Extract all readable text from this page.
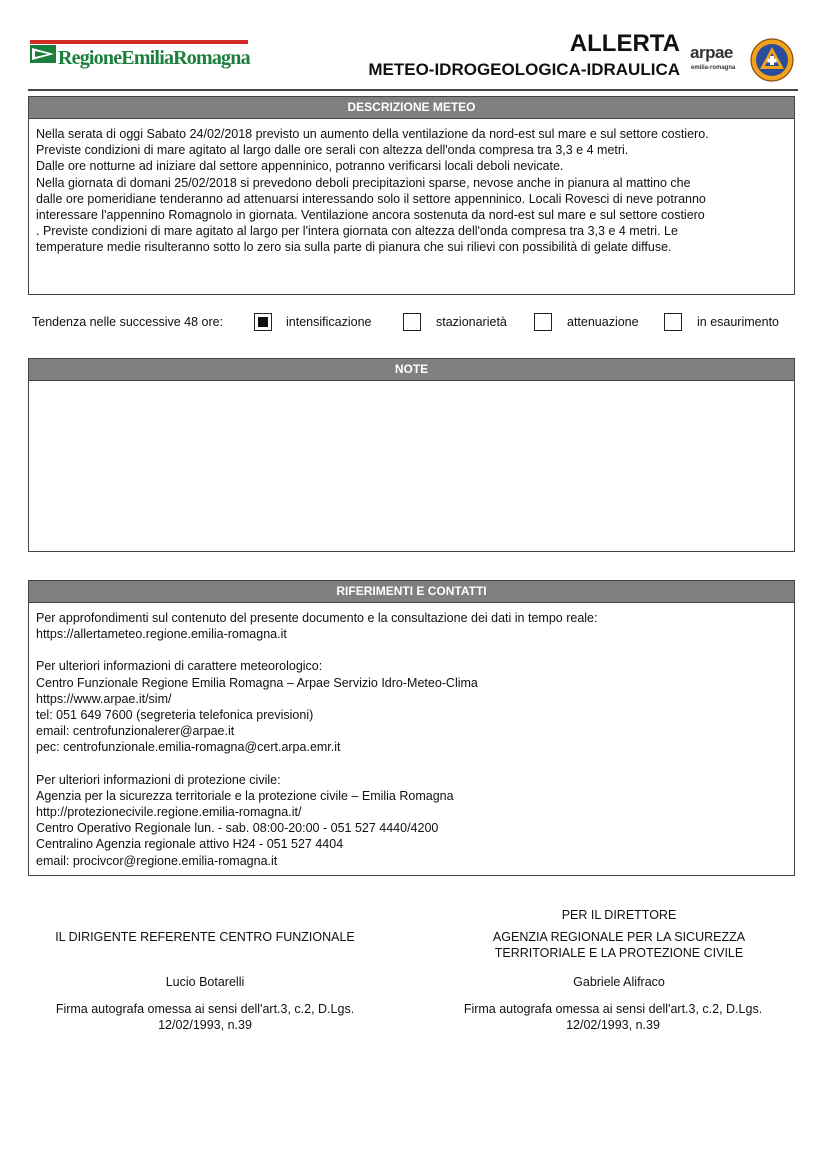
RegioneEmiliaRomagna
ALLERTA
METEO-IDROGEOLOGICA-IDRAULICA
arpae
emilia-romagna
DESCRIZIONE METEO
Nella serata di oggi Sabato 24/02/2018 previsto un aumento della ventilazione da nord-est sul mare e sul settore costiero.
Previste condizioni di mare agitato al largo dalle ore serali con altezza dell'onda compresa tra 3,3 e 4 metri.
Dalle ore notturne ad iniziare dal settore appenninico, potranno verificarsi locali deboli nevicate.
Nella giornata di domani 25/02/2018 si prevedono deboli precipitazioni sparse, nevose anche in pianura al mattino che
dalle ore pomeridiane tenderanno ad attenuarsi interessando solo il settore appenninico. Locali Rovesci di neve potranno
interessare l'appennino Romagnolo in giornata. Ventilazione ancora sostenuta da nord-est sul mare e sul settore costiero
. Previste condizioni di mare agitato al largo per l'intera giornata con altezza dell'onda compresa tra 3,3 e 4 metri. Le
temperature medie risulteranno sotto lo zero sia sulla parte di pianura che sui rilievi con possibilità di gelate diffuse.
Tendenza nelle successive 48 ore:	intensificazione	stazionarietà	attenuazione	in esaurimento
NOTE
RIFERIMENTI E CONTATTI

Per approfondimenti sul contenuto del presente documento e la consultazione dei dati in tempo reale:

https://allertameteo.regione.emilia-romagna.it

Per ulteriori informazioni di carattere meteorologico:

Centro Funzionale Regione Emilia Romagna – Arpae Servizio Idro-Meteo-Clima

https://www.arpae.it/sim/

tel: 051 649 7600 (segreteria telefonica previsioni)

email: centrofunzionalerer@arpae.it

pec: centrofunzionale.emilia-romagna@cert.arpa.emr.it

Per ulteriori informazioni di protezione civile:

Agenzia per la sicurezza territoriale e la protezione civile – Emilia Romagna

http://protezionecivile.regione.emilia-romagna.it/

Centro Operativo Regionale lun. - sab. 08:00-20:00 - 051 527 4440/4200

Centralino Agenzia regionale attivo H24 - 051 527 4404

email: procivcor@regione.emilia-romagna.it

IL DIRIGENTE REFERENTE CENTRO FUNZIONALE
Lucio Botarelli
Firma autografa omessa ai sensi dell'art.3, c.2, D.Lgs.
12/02/1993, n.39
PER IL DIRETTORE
AGENZIA REGIONALE PER LA SICUREZZA
TERRITORIALE E LA PROTEZIONE CIVILE
Gabriele Alifraco
Firma autografa omessa ai sensi dell'art.3, c.2, D.Lgs.
12/02/1993, n.39
